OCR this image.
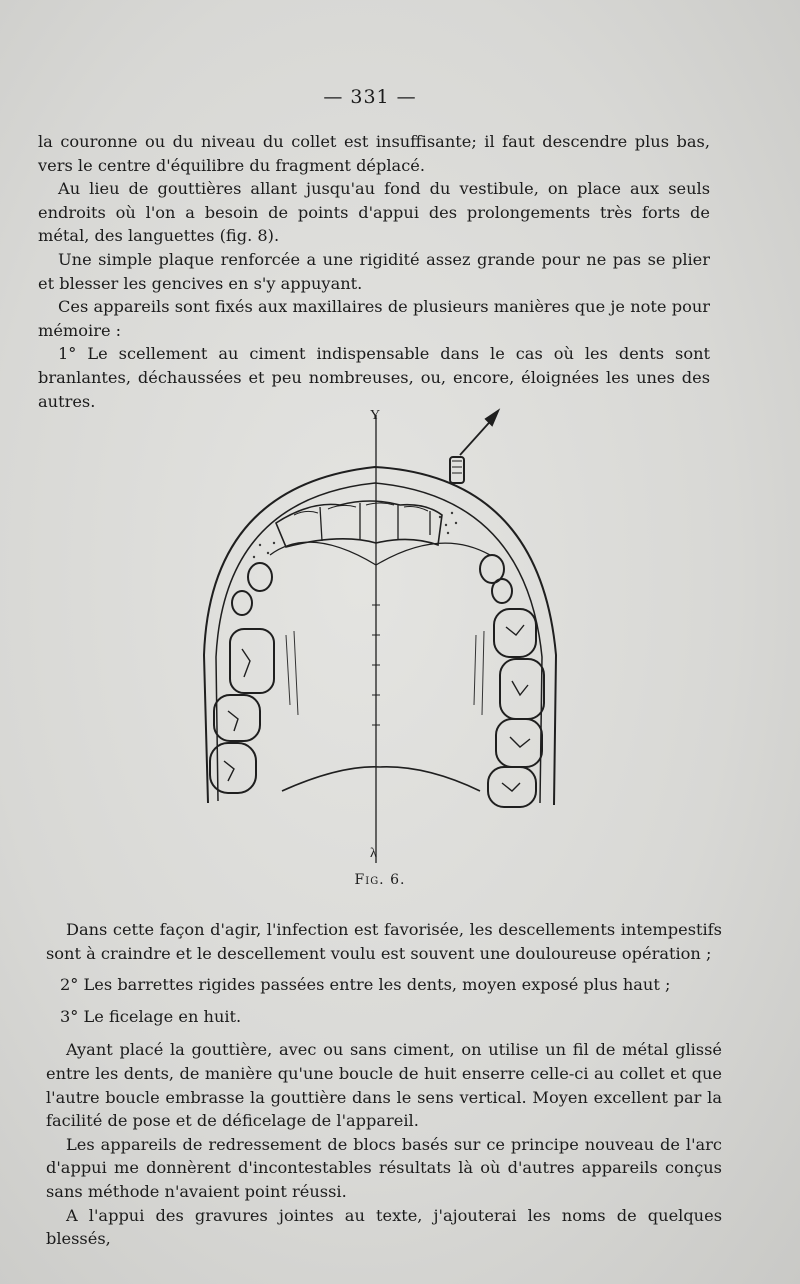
— 331 —

la couronne ou du niveau du collet est insuffisante; il faut descendre plus bas, vers le centre d'équilibre du fragment déplacé.

Au lieu de gouttières allant jusqu'au fond du vestibule, on place aux seuls endroits où l'on a besoin de points d'appui des prolongements très forts de métal, des languettes (fig. 8).

Une simple plaque renforcée a une rigidité assez grande pour ne pas se plier et blesser les gencives en s'y appuyant.

Ces appareils sont fixés aux maxillaires de plusieurs manières que je note pour mémoire :

1° Le scellement au ciment indispensable dans le cas où les dents sont branlantes, déchaussées et peu nombreuses, ou, encore, éloignées les unes des autres.

Y
λ
Fig. 6.

Dans cette façon d'agir, l'infection est favorisée, les descellements intempestifs sont à craindre et le descellement voulu est souvent une douloureuse opération ;

2° Les barrettes rigides passées entre les dents, moyen exposé plus haut ;

3° Le ficelage en huit.

Ayant placé la gouttière, avec ou sans ciment, on utilise un fil de métal glissé entre les dents, de manière qu'une boucle de huit enserre celle-ci au collet et que l'autre boucle embrasse la gouttière dans le sens vertical. Moyen excellent par la facilité de pose et de déficelage de l'appareil.

Les appareils de redressement de blocs basés sur ce principe nouveau de l'arc d'appui me donnèrent d'incontestables résultats là où d'autres appareils conçus sans méthode n'avaient point réussi.

A l'appui des gravures jointes au texte, j'ajouterai les noms de quelques blessés,
